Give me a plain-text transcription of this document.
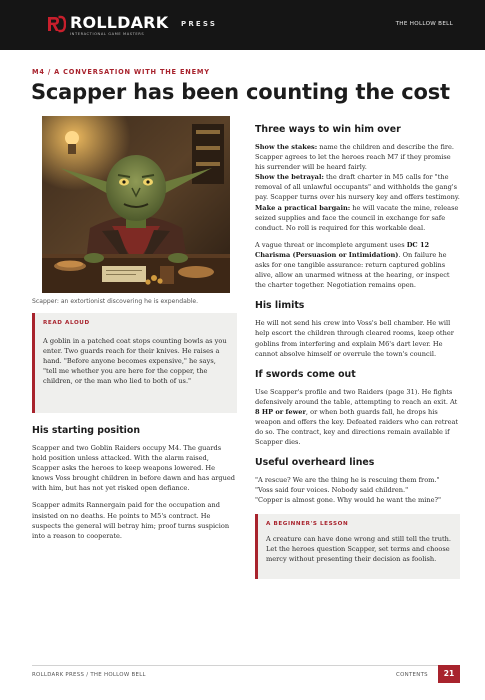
ROLLDARK
INTERACTIONAL GAME MASTERS
PRESS	THE HOLLOW BELL
M4 / A CONVERSATION WITH THE ENEMY
Scapper has been counting the cost
Scapper: an extortionist discovering he is expendable.
READ ALOUD
A goblin in a patched coat stops counting bowls as you enter. Two guards reach for their knives. He raises a hand. "Before anyone becomes expensive," he says, "tell me whether you are here for the copper, the children, or the man who lied to both of us."
His starting position

Scapper and two Goblin Raiders occupy M4. The guards hold position unless attacked. With the alarm raised, Scapper asks the heroes to keep weapons lowered. He knows Voss brought children in before dawn and has argued with him, but has not yet risked open defiance.

Scapper admits Rannergain paid for the occupation and insisted on no deaths. He points to M5's contract. He suspects the general will betray him; proof turns suspicion into a reason to cooperate.

Three ways to win him over

Show the stakes: name the children and describe the fire. Scapper agrees to let the heroes reach M7 if they promise his surrender will be heard fairly.
Show the betrayal: the draft charter in M5 calls for "the removal of all unlawful occupants" and withholds the gang's pay. Scapper turns over his nursery key and offers testimony.
Make a practical bargain: he will vacate the mine, release seized supplies and face the council in exchange for safe conduct. No roll is required for this workable deal.

A vague threat or incomplete argument uses DC 12 Charisma (Persuasion or Intimidation). On failure he asks for one tangible assurance: return captured goblins alive, allow an unarmed witness at the hearing, or inspect the charter together. Negotiation remains open.

His limits

He will not send his crew into Voss's bell chamber. He will help escort the children through cleared rooms, keep other goblins from interfering and explain M6's dart lever. He cannot absolve himself or overrule the town's council.

If swords come out

Use Scapper's profile and two Raiders (page 31). He fights defensively around the table, attempting to reach an exit. At 8 HP or fewer, or when both guards fall, he drops his weapon and offers the key. Defeated raiders who can retreat do so. The contract, key and directions remain available if Scapper dies.

Useful overheard lines

"A rescue? We are the thing he is rescuing them from."
"Voss said four voices. Nobody said children."
"Copper is almost gone. Why would he want the mine?"

A BEGINNER'S LESSON
A creature can have done wrong and still tell the truth. Let the heroes question Scapper, set terms and choose mercy without presenting their decision as foolish.
ROLLDARK PRESS / THE HOLLOW BELL	CONTENTS	21
